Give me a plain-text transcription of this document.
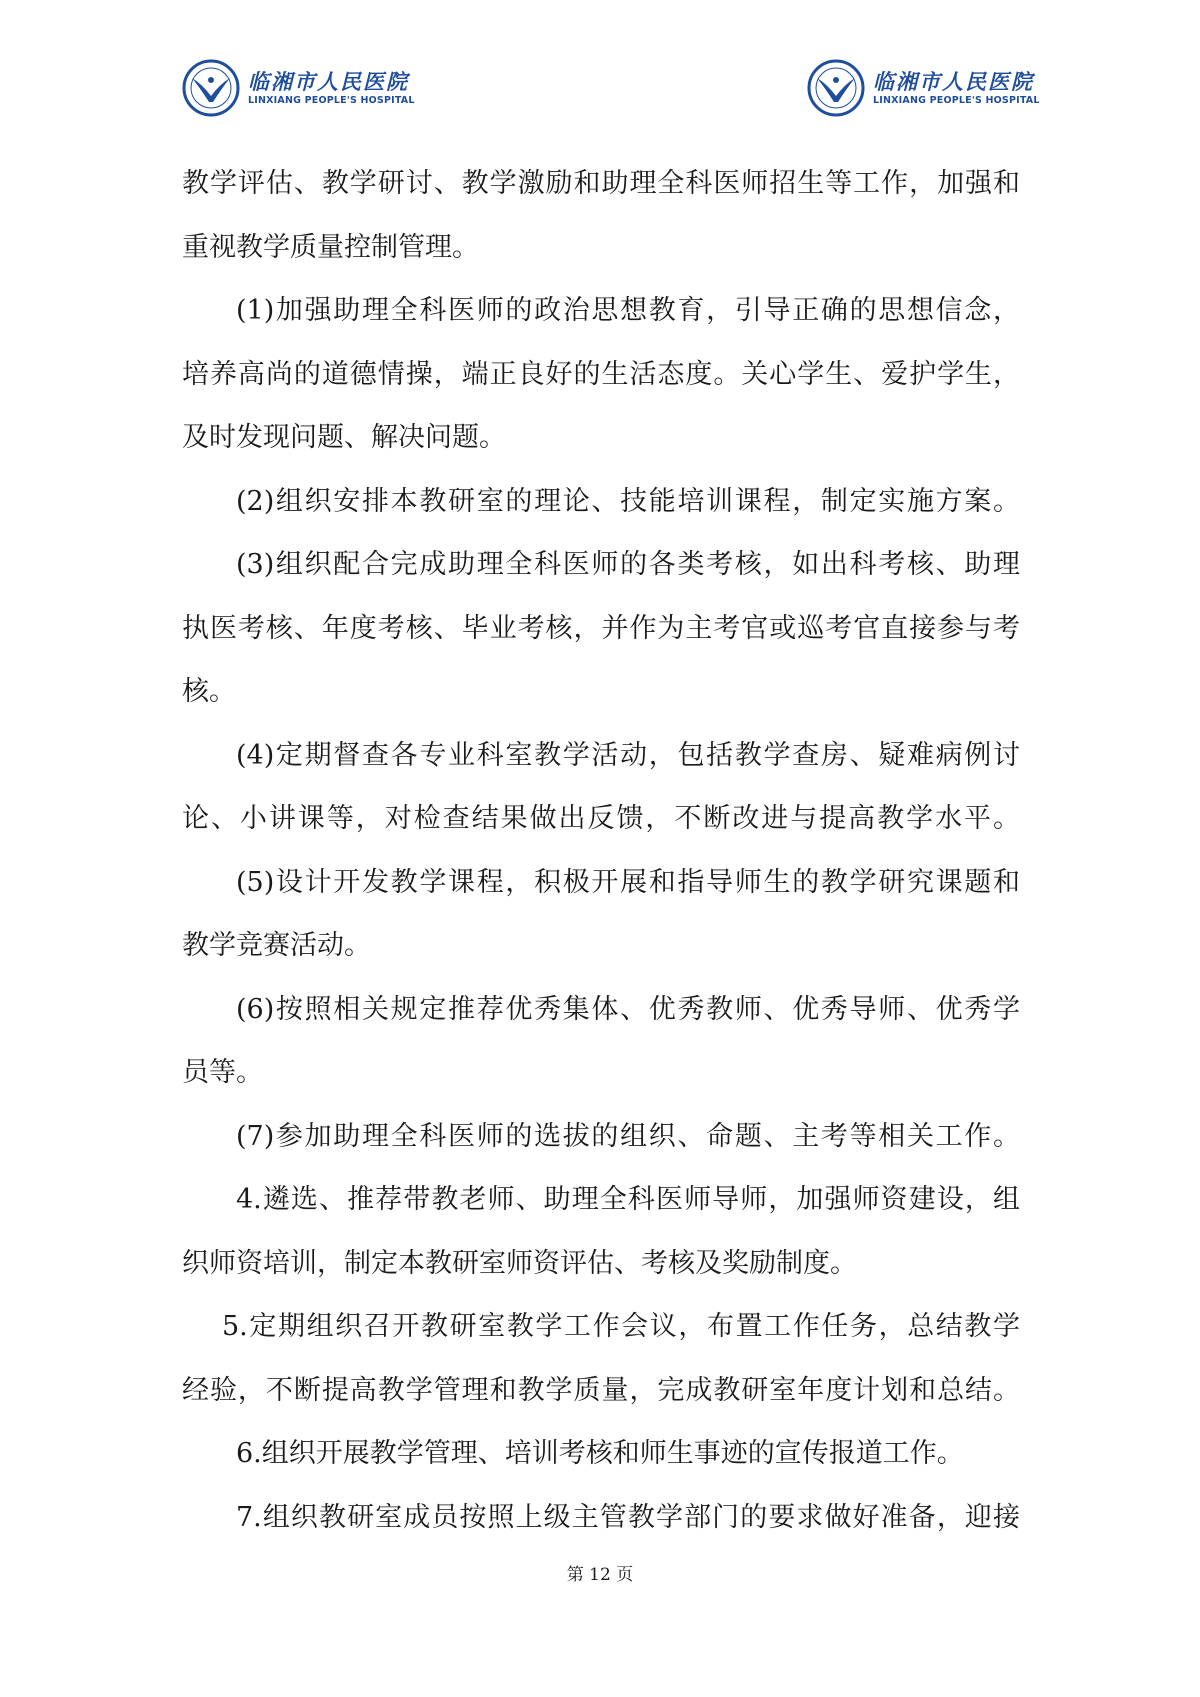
临湘市人民医院
LINXIANG PEOPLE'S HOSPITAL
临湘市人民医院
LINXIANG PEOPLE'S HOSPITAL
教学评估、教学研讨、教学激励和助理全科医师招生等工作，加强和
重视教学质量控制管理。
(1)加强助理全科医师的政治思想教育，引导正确的思想信念，
培养高尚的道德情操，端正良好的生活态度。关心学生、爱护学生，
及时发现问题、解决问题。
(2)组织安排本教研室的理论、技能培训课程，制定实施方案。
(3)组织配合完成助理全科医师的各类考核，如出科考核、助理
执医考核、年度考核、毕业考核，并作为主考官或巡考官直接参与考
核。
(4)定期督查各专业科室教学活动，包括教学查房、疑难病例讨
论、小讲课等，对检查结果做出反馈，不断改进与提高教学水平。
(5)设计开发教学课程，积极开展和指导师生的教学研究课题和
教学竞赛活动。
(6)按照相关规定推荐优秀集体、优秀教师、优秀导师、优秀学
员等。
(7)参加助理全科医师的选拔的组织、命题、主考等相关工作。
4.遴选、推荐带教老师、助理全科医师导师，加强师资建设，组
织师资培训，制定本教研室师资评估、考核及奖励制度。
5.定期组织召开教研室教学工作会议，布置工作任务，总结教学
经验，不断提高教学管理和教学质量，完成教研室年度计划和总结。
6.组织开展教学管理、培训考核和师生事迹的宣传报道工作。
7.组织教研室成员按照上级主管教学部门的要求做好准备，迎接
第 12 页
